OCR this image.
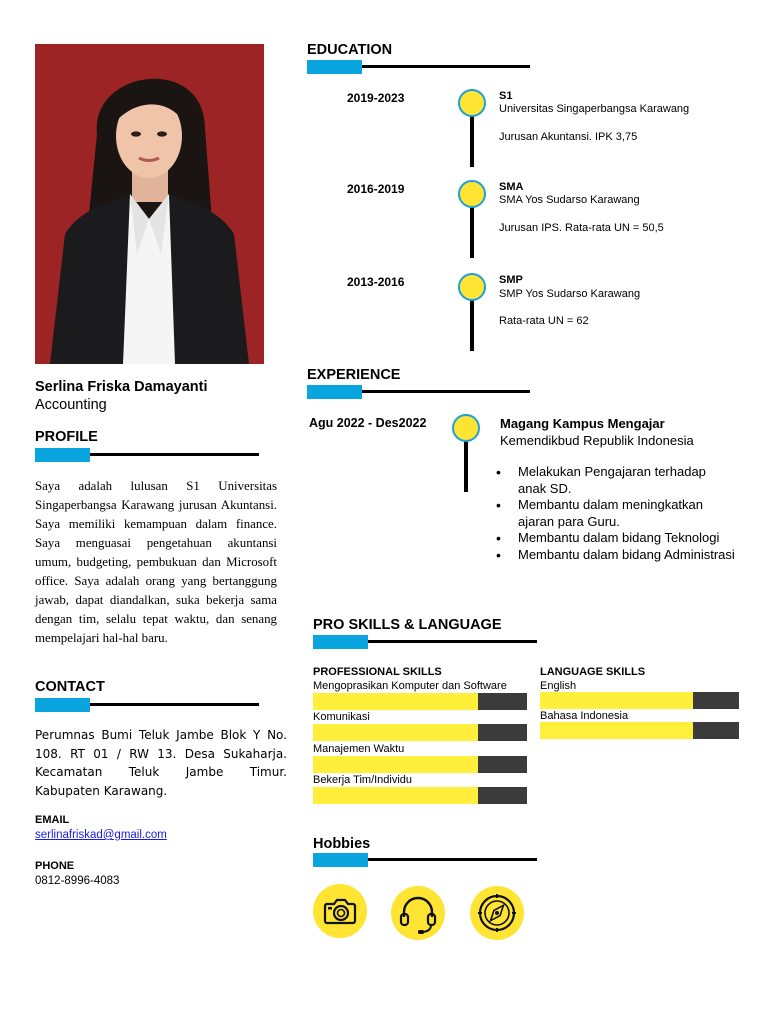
Serlina Friska Damayanti
Accounting
PROFILE
Saya adalah lulusan S1 Universitas Singaperbangsa Karawang jurusan Akuntansi. Saya memiliki kemampuan dalam finance. Saya menguasai pengetahuan akuntansi umum, budgeting, pembukuan dan Microsoft office. Saya adalah orang yang bertanggung jawab, dapat diandalkan, suka bekerja sama dengan tim, selalu tepat waktu, dan senang mempelajari hal-hal baru.
CONTACT
Perumnas Bumi Teluk Jambe Blok Y No. 108. RT 01 / RW 13. Desa Sukaharja. Kecamatan Teluk Jambe Timur. Kabupaten Karawang.
EMAIL
serlinafriskad@gmail.com
PHONE
0812-8996-4083
EDUCATION
2019-2023	S1
Universitas Singaperbangsa Karawang
Jurusan Akuntansi. IPK 3,75
2016-2019	SMA
SMA Yos Sudarso Karawang
Jurusan IPS. Rata-rata UN = 50,5
2013-2016	SMP
SMP Yos Sudarso Karawang
Rata-rata UN = 62
EXPERIENCE
Agu 2022 - Des2022	Magang Kampus Mengajar
Kemendikbud Republik Indonesia
• Melakukan Pengajaran terhadap anak SD.
• Membantu dalam meningkatkan ajaran para Guru.
• Membantu dalam bidang Teknologi
• Membantu dalam bidang Administrasi
PRO SKILLS & LANGUAGE
PROFESSIONAL SKILLS
Mengoprasikan Komputer dan Software
Komunikasi
Manajemen Waktu
Bekerja Tim/Individu
LANGUAGE SKILLS
English
Bahasa Indonesia
Hobbies
